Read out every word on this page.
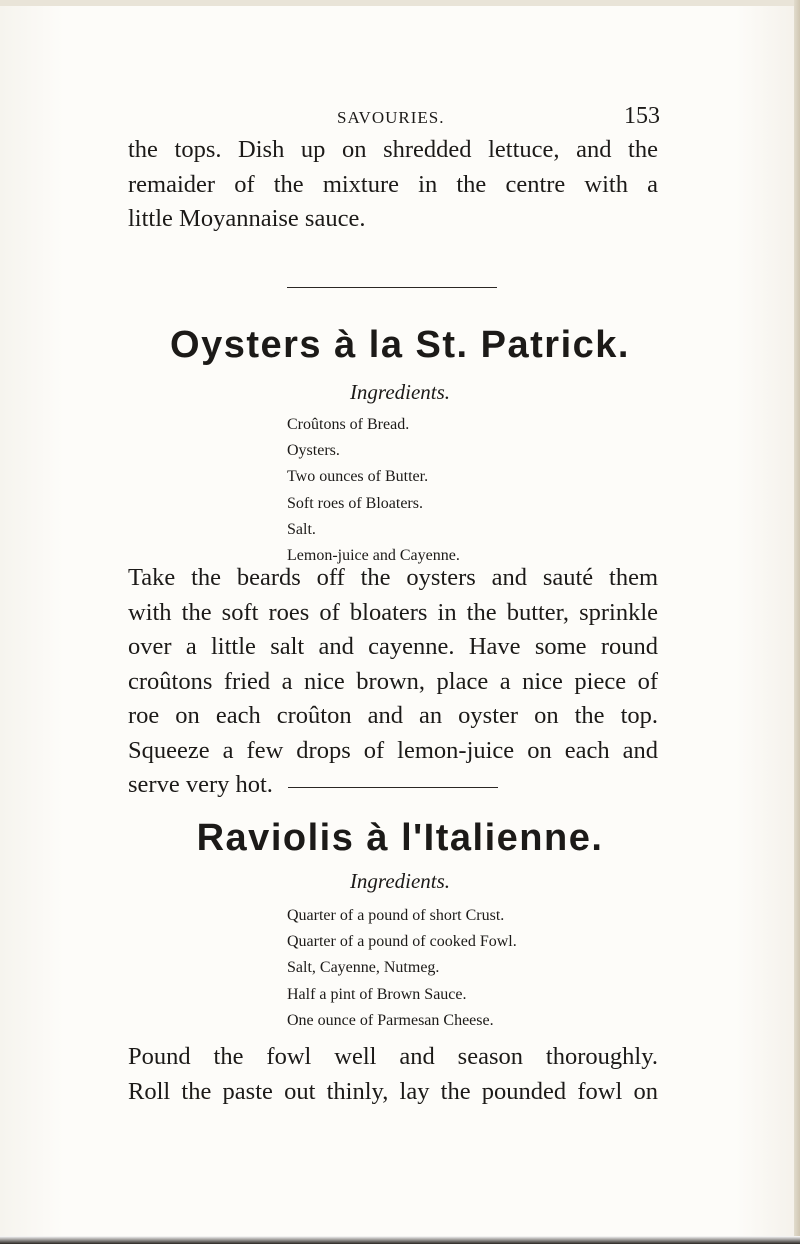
SAVOURIES.	153

the tops. Dish up on shredded lettuce, and the
remaider of the mixture in the centre with a
little Moyannaise sauce.

Oysters à la St. Patrick.
Ingredients.
Croûtons of Bread.
Oysters.
Two ounces of Butter.
Soft roes of Bloaters.
Salt.
Lemon-juice and Cayenne.

Take the beards off the oysters and sauté them
with the soft roes of bloaters in the butter, sprinkle
over a little salt and cayenne. Have some round
croûtons fried a nice brown, place a nice piece of
roe on each croûton and an oyster on the top.
Squeeze a few drops of lemon-juice on each and
serve very hot.

Raviolis à l'Italienne.
Ingredients.
Quarter of a pound of short Crust.
Quarter of a pound of cooked Fowl.
Salt, Cayenne, Nutmeg.
Half a pint of Brown Sauce.
One ounce of Parmesan Cheese.

Pound the fowl well and season thoroughly.
Roll the paste out thinly, lay the pounded fowl on
